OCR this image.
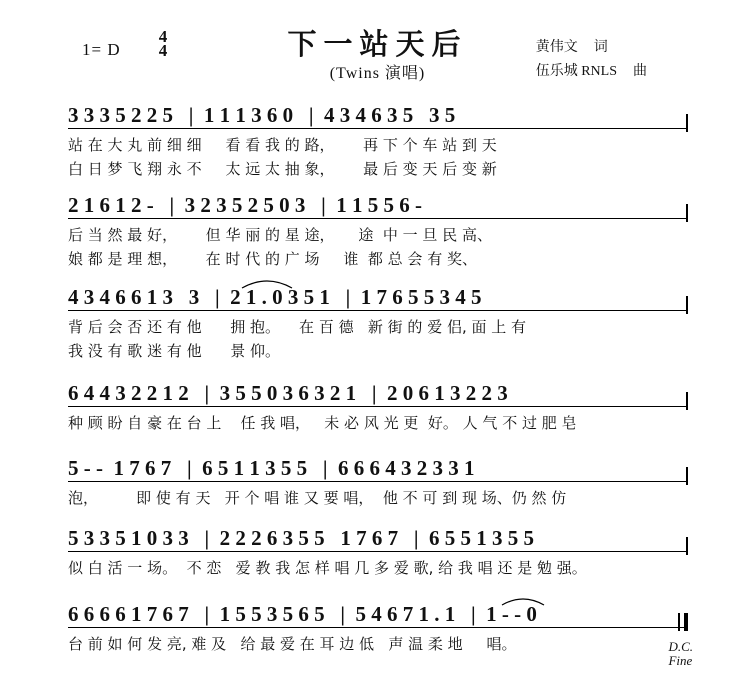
1= D
4
4	下一站天后
(Twins 演唱)
黄伟文 词
伍乐城 RNLS 曲
3 3 3 5 2 2 5   |  1 1 1 3 6 0   |  4 3 4 6 3 5   3 5
站 在 大 丸 前 细 细     看 看 我 的 路，      再 下 个 车 站 到 天
白 日 梦 飞 翔 永 不     太 远 太 抽 象，      最 后 变 天 后 变 新
2 1 6 1 2 -   |  3 2 3 5 2 5 0 3   |  1 1 5 5 6 -
后 当 然 最 好，      但 华 丽 的 星 途，     途  中 一 旦 民 高、
娘 都 是 理 想，      在 时 代 的 广 场     谁  都 总 会 有 奖、
4 3 4 6 6 1 3   3   |  2 1 . 0 3 5 1   |  1 7 6 5 5 3 4 5
背 后 会 否 还 有 他      拥 抱。    在 百 德   新 街 的 爱 侣, 面 上 有
我 没 有 歌 迷 有 他      景 仰。
6 4 4 3 2 2 1 2   |  3 5 5 0 3 6 3 2 1   |  2 0 6 1 3 2 2 3
种 顾 盼 自 豪 在 台 上    任 我 唱，   未 必 风 光 更  好。 人 气 不 过 肥 皂
5 - -  1 7 6 7   |  6 5 1 1 3 5 5   |  6 6 6 4 3 2 3 3 1
泡，        即 使 有 天   开 个 唱 谁 又 要 唱，  他 不 可 到 现 场、仍 然 仿
5 3 3 5 1 0 3 3   |  2 2 2 6 3 5 5   1 7 6 7   |  6 5 5 1 3 5 5
似 白 活 一 场。  不 恋   爱 教 我 怎 样 唱 几 多 爱 歌, 给 我 唱 还 是 勉 强。
6 6 6 6 1 7 6 7   |  1 5 5 3 5 6 5   |  5 4 6 7 1 . 1   |  1 - - 0
台 前 如 何 发 亮, 难 及   给 最 爱 在 耳 边 低   声 温 柔 地     唱。	D.C.
Fine
